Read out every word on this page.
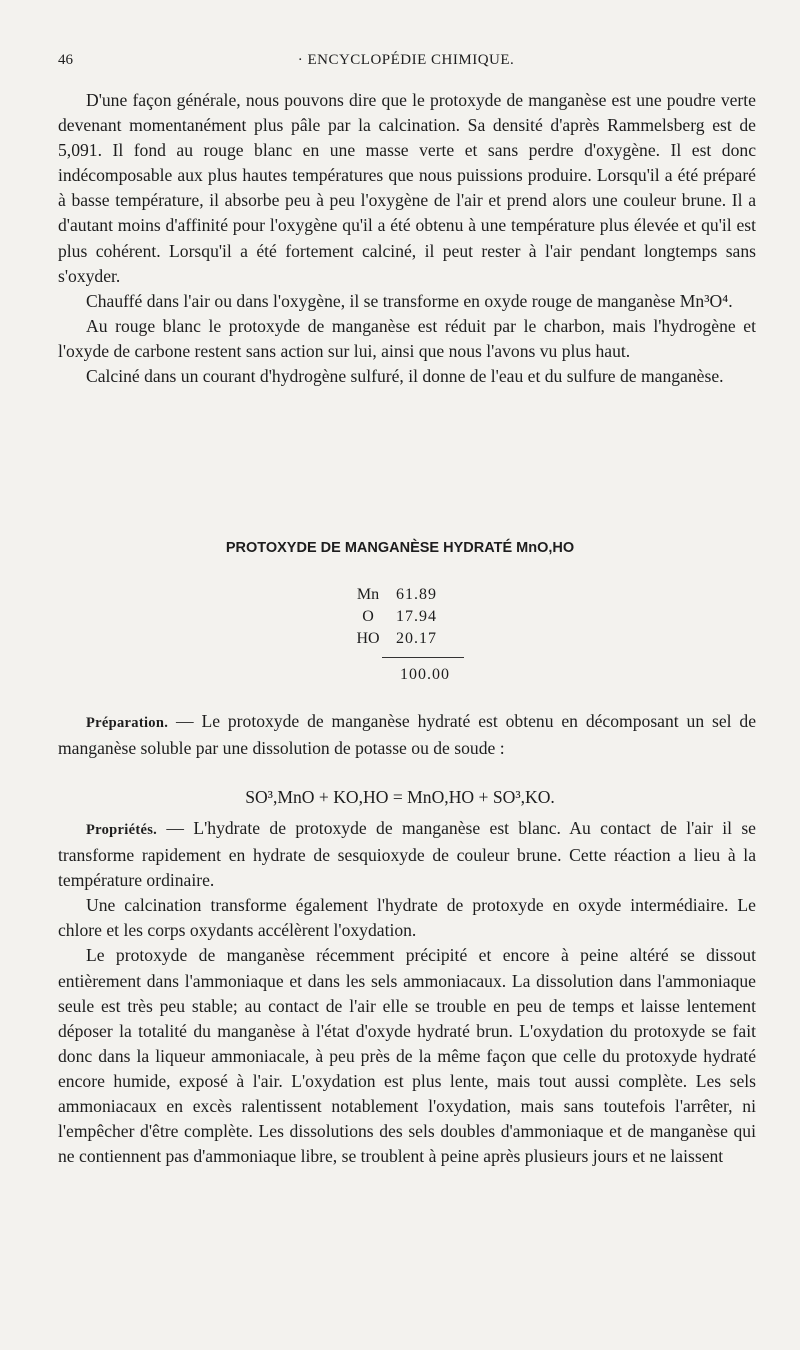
46	· ENCYCLOPÉDIE CHIMIQUE.

D'une façon générale, nous pouvons dire que le protoxyde de manganèse est une poudre verte devenant momentanément plus pâle par la calcination. Sa densité d'après Rammelsberg est de 5,091. Il fond au rouge blanc en une masse verte et sans perdre d'oxygène. Il est donc indécomposable aux plus hautes températures que nous puissions produire. Lorsqu'il a été préparé à basse température, il absorbe peu à peu l'oxygène de l'air et prend alors une couleur brune. Il a d'autant moins d'affinité pour l'oxygène qu'il a été obtenu à une température plus élevée et qu'il est plus cohérent. Lorsqu'il a été fortement calciné, il peut rester à l'air pendant longtemps sans s'oxyder.

Chauffé dans l'air ou dans l'oxygène, il se transforme en oxyde rouge de manganèse Mn³O⁴.

Au rouge blanc le protoxyde de manganèse est réduit par le charbon, mais l'hydrogène et l'oxyde de carbone restent sans action sur lui, ainsi que nous l'avons vu plus haut.

Calciné dans un courant d'hydrogène sulfuré, il donne de l'eau et du sulfure de manganèse.

PROTOXYDE DE MANGANÈSE HYDRATÉ MnO,HO
Mn	61.89
O	17.94
HO 20.17
100.00

Préparation. — Le protoxyde de manganèse hydraté est obtenu en décomposant un sel de manganèse soluble par une dissolution de potasse ou de soude :

SO³,MnO + KO,HO = MnO,HO + SO³,KO.

Propriétés. — L'hydrate de protoxyde de manganèse est blanc. Au contact de l'air il se transforme rapidement en hydrate de sesquioxyde de couleur brune. Cette réaction a lieu à la température ordinaire.

Une calcination transforme également l'hydrate de protoxyde en oxyde intermédiaire. Le chlore et les corps oxydants accélèrent l'oxydation.

Le protoxyde de manganèse récemment précipité et encore à peine altéré se dissout entièrement dans l'ammoniaque et dans les sels ammoniacaux. La dissolution dans l'ammoniaque seule est très peu stable; au contact de l'air elle se trouble en peu de temps et laisse lentement déposer la totalité du manganèse à l'état d'oxyde hydraté brun. L'oxydation du protoxyde se fait donc dans la liqueur ammoniacale, à peu près de la même façon que celle du protoxyde hydraté encore humide, exposé à l'air. L'oxydation est plus lente, mais tout aussi complète. Les sels ammoniacaux en excès ralentissent notablement l'oxydation, mais sans toutefois l'arrêter, ni l'empêcher d'être complète. Les dissolutions des sels doubles d'ammoniaque et de manganèse qui ne contiennent pas d'ammoniaque libre, se troublent à peine après plusieurs jours et ne laissent
